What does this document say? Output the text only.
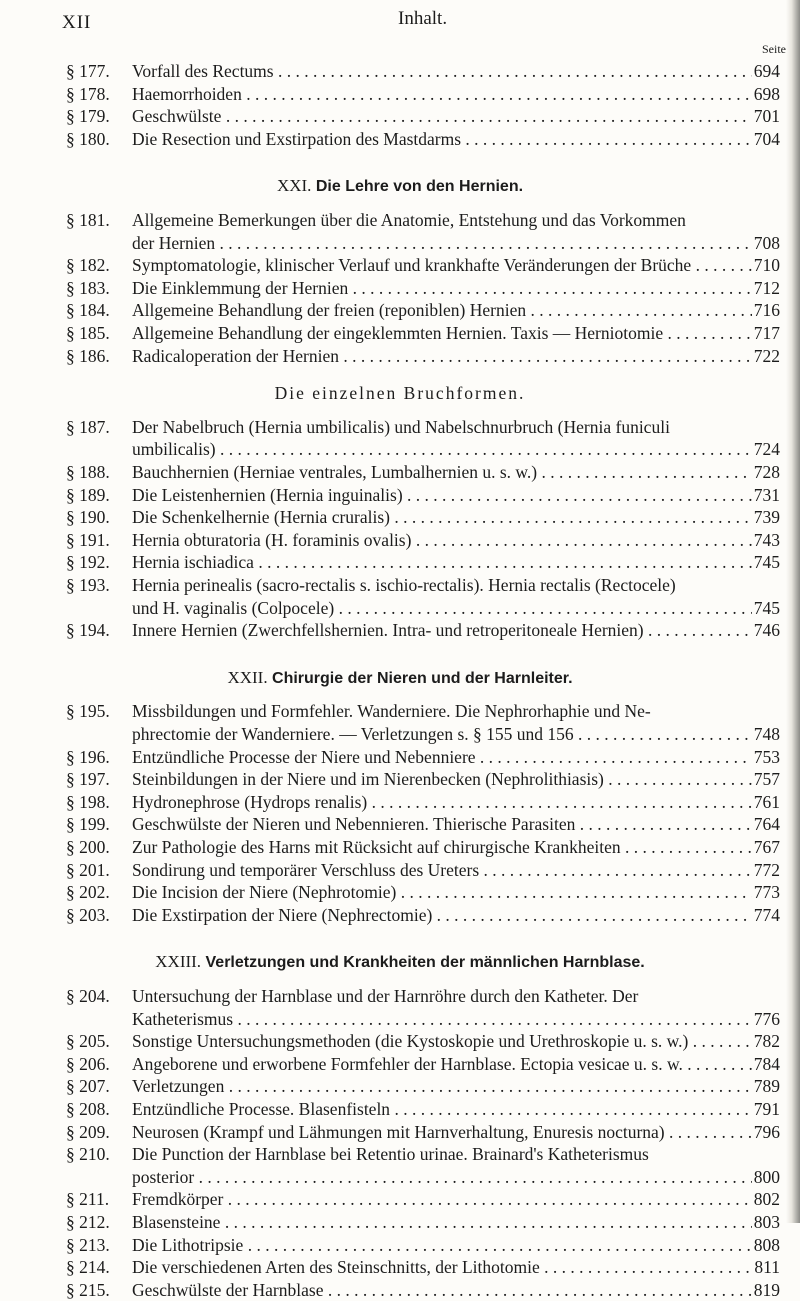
XII	Inhalt.
Seite
§ 177. Vorfall des Rectums . . .	694
§ 178. Haemorrhoiden . . .	698
§ 179. Geschwülste . . .	701
§ 180. Die Resection und Exstirpation des Mastdarms . . .	704
XXI. Die Lehre von den Hernien.
§ 181. Allgemeine Bemerkungen über die Anatomie, Entstehung und das Vorkommen
der Hernien . . .	708
§ 182. Symptomatologie, klinischer Verlauf und krankhafte Veränderungen der Brüche . . .	710
§ 183. Die Einklemmung der Hernien . . .	712
§ 184. Allgemeine Behandlung der freien (reponiblen) Hernien . . .	716
§ 185. Allgemeine Behandlung der eingeklemmten Hernien. Taxis — Herniotomie . . . .	717
§ 186. Radicaloperation der Hernien . . .	722
Die einzelnen Bruchformen.
§ 187. Der Nabelbruch (Hernia umbilicalis) und Nabelschnurbruch (Hernia funiculi
umbilicalis) . . .	724
§ 188. Bauchhernien (Herniae ventrales, Lumbalhernien u. s. w.) . . .	728
§ 189. Die Leistenhernien (Hernia inguinalis) . . .	731
§ 190. Die Schenkelhernie (Hernia cruralis) . . .	739
§ 191. Hernia obturatoria (H. foraminis ovalis) . . .	743
§ 192. Hernia ischiadica . . .	745
§ 193. Hernia perinealis (sacro-rectalis s. ischio-rectalis). Hernia rectalis (Rectocele)
und H. vaginalis (Colpocele) . . .	745
§ 194. Innere Hernien (Zwerchfellshernien. Intra- und retroperitoneale Hernien) . . . . .	746
XXII. Chirurgie der Nieren und der Harnleiter.
§ 195. Missbildungen und Formfehler. Wanderniere. Die Nephrorhaphie und Ne-
phrectomie der Wanderniere. — Verletzungen s. § 155 und 156 . . . . . . .	748
§ 196. Entzündliche Processe der Niere und Nebenniere . . .	753
§ 197. Steinbildungen in der Niere und im Nierenbecken (Nephrolithiasis) . . . . . . .	757
§ 198. Hydronephrose (Hydrops renalis) . . .	761
§ 199. Geschwülste der Nieren und Nebennieren. Thierische Parasiten . . . . . . . .	764
§ 200. Zur Pathologie des Harns mit Rücksicht auf chirurgische Krankheiten . . . . . .	767
§ 201. Sondirung und temporärer Verschluss des Ureters . . .	772
§ 202. Die Incision der Niere (Nephrotomie) . . .	773
§ 203. Die Exstirpation der Niere (Nephrectomie) . . .	774
XXIII. Verletzungen und Krankheiten der männlichen Harnblase.
§ 204. Untersuchung der Harnblase und der Harnröhre durch den Katheter. Der
Katheterismus . . .	776
§ 205. Sonstige Untersuchungsmethoden (die Kystoskopie und Urethroskopie u. s. w.) . . .	782
§ 206. Angeborene und erworbene Formfehler der Harnblase. Ectopia vesicae u. s. w. . . .	784
§ 207. Verletzungen . . .	789
§ 208. Entzündliche Processe. Blasenfisteln . . .	791
§ 209. Neurosen (Krampf und Lähmungen mit Harnverhaltung, Enuresis nocturna) . . . .	796
§ 210. Die Punction der Harnblase bei Retentio urinae. Brainard's Katheterismus
posterior . . .	800
§ 211. Fremdkörper . . .	802
§ 212. Blasensteine . . .	803
§ 213. Die Lithotripsie . . .	808
§ 214. Die verschiedenen Arten des Steinschnitts, der Lithotomie . . .	811
§ 215. Geschwülste der Harnblase . . .	819
